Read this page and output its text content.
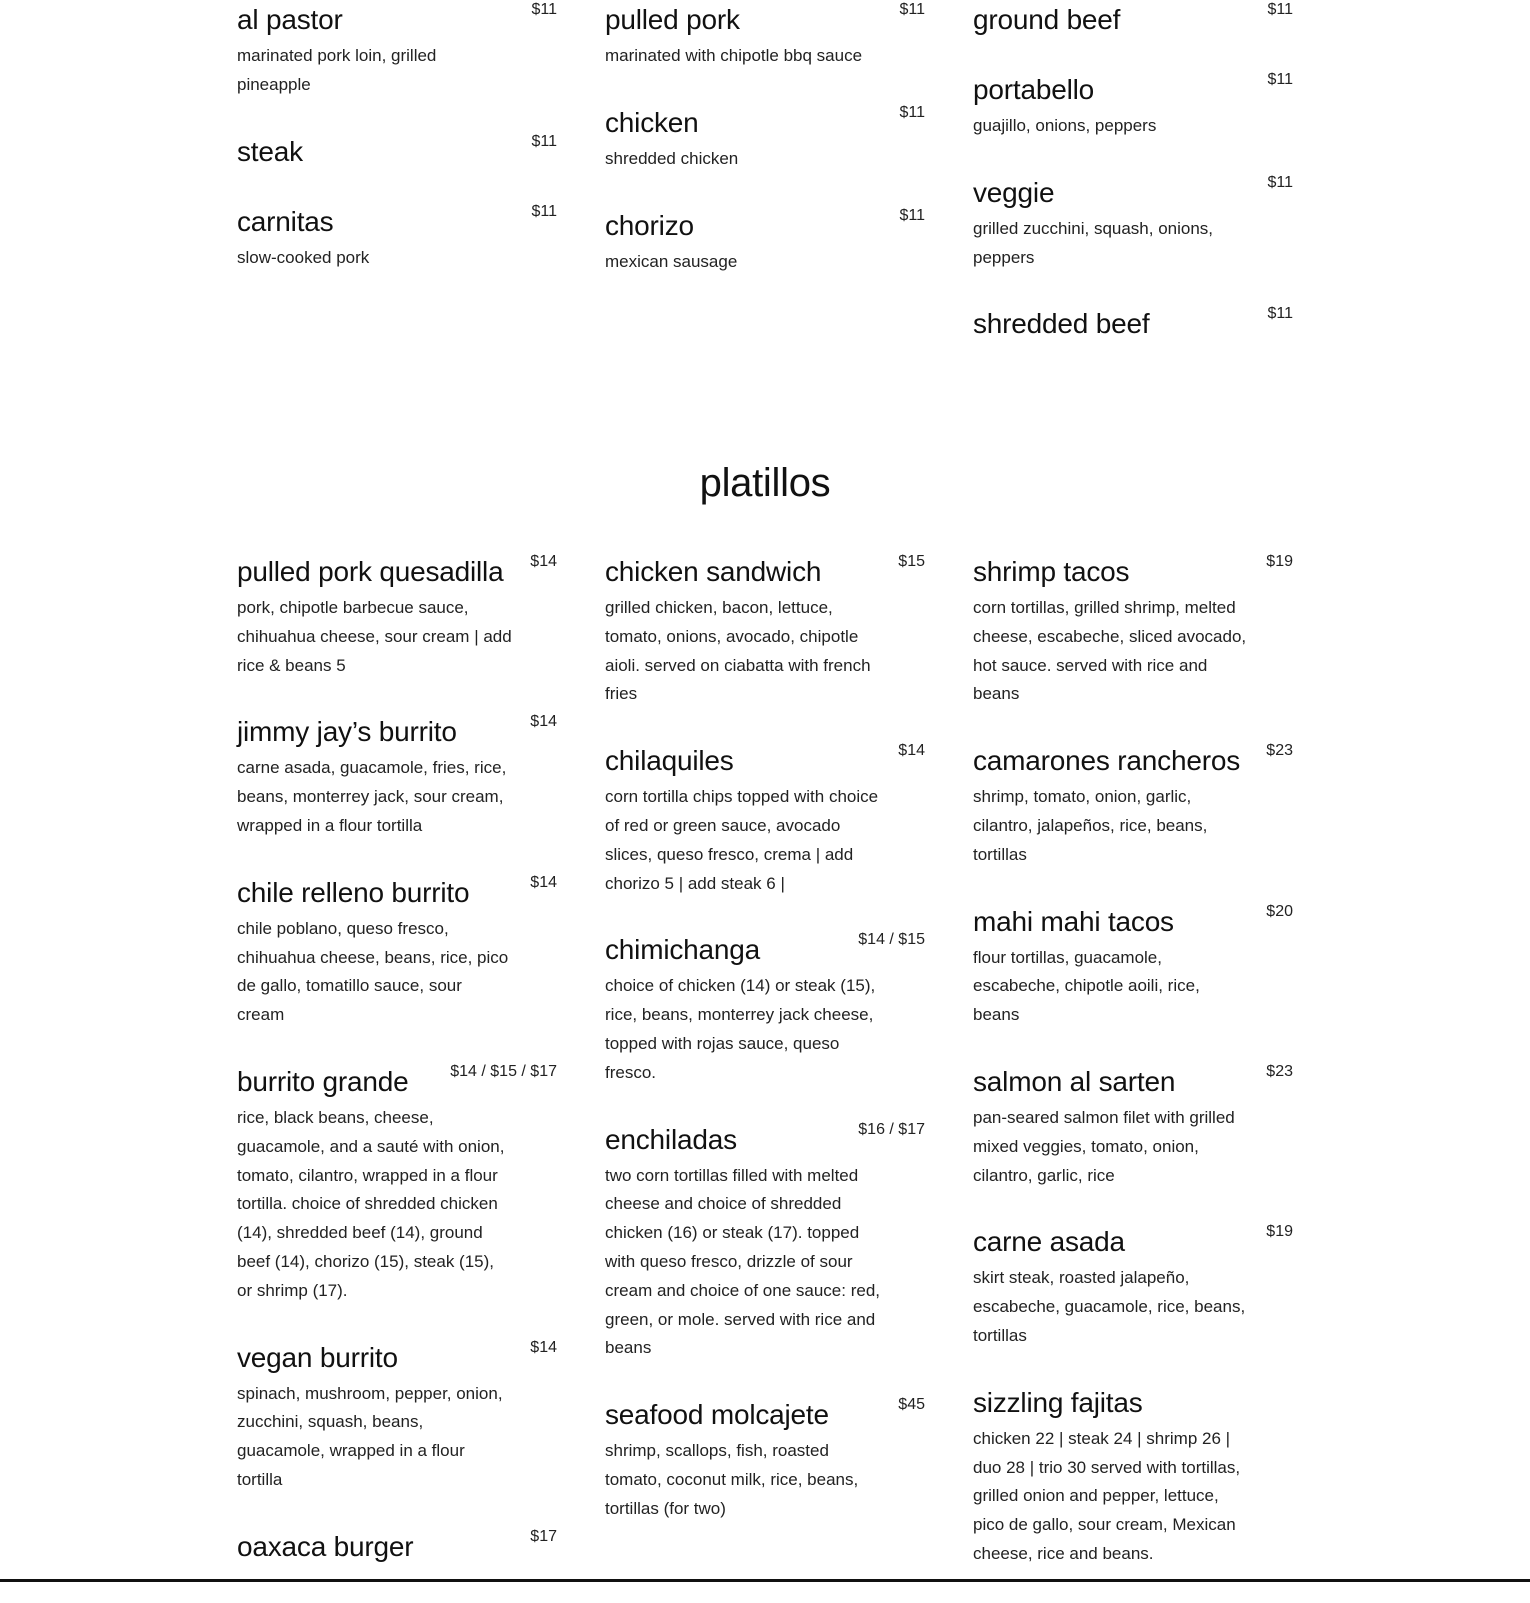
al pastor	$11
marinated pork loin, grilled pineapple
steak	$11
carnitas	$11
slow-cooked pork
pulled pork	$11
marinated with chipotle bbq sauce
chicken	$11
shredded chicken
chorizo	$11
mexican sausage
ground beef	$11
portabello	$11
guajillo, onions, peppers
veggie	$11
grilled zucchini, squash, onions, peppers
shredded beef	$11
platillos
pulled pork quesadilla	$14
pork, chipotle barbecue sauce, chihuahua cheese, sour cream | add rice & beans 5
jimmy jay’s burrito	$14
carne asada, guacamole, fries, rice, beans, monterrey jack, sour cream, wrapped in a flour tortilla
chile relleno burrito	$14
chile poblano, queso fresco, chihuahua cheese, beans, rice, pico de gallo, tomatillo sauce, sour cream
burrito grande	$14 / $15 / $17
rice, black beans, cheese, guacamole, and a sauté with onion, tomato, cilantro, wrapped in a flour tortilla. choice of shredded chicken (14), shredded beef (14), ground beef (14), chorizo (15), steak (15), or shrimp (17).
vegan burrito	$14
spinach, mushroom, pepper, onion, zucchini, squash, beans, guacamole, wrapped in a flour tortilla
oaxaca burger	$17
chicken sandwich	$15
grilled chicken, bacon, lettuce, tomato, onions, avocado, chipotle aioli. served on ciabatta with french fries
chilaquiles	$14
corn tortilla chips topped with choice of red or green sauce, avocado slices, queso fresco, crema | add chorizo 5 | add steak 6 |
chimichanga	$14 / $15
choice of chicken (14) or steak (15), rice, beans, monterrey jack cheese, topped with rojas sauce, queso fresco.
enchiladas	$16 / $17
two corn tortillas filled with melted cheese and choice of shredded chicken (16) or steak (17). topped with queso fresco, drizzle of sour cream and choice of one sauce: red, green, or mole. served with rice and beans
seafood molcajete	$45
shrimp, scallops, fish, roasted tomato, coconut milk, rice, beans, tortillas (for two)
shrimp tacos	$19
corn tortillas, grilled shrimp, melted cheese, escabeche, sliced avocado, hot sauce. served with rice and beans
camarones rancheros	$23
shrimp, tomato, onion, garlic, cilantro, jalapeños, rice, beans, tortillas
mahi mahi tacos	$20
flour tortillas, guacamole, escabeche, chipotle aoili, rice, beans
salmon al sarten	$23
pan-seared salmon filet with grilled mixed veggies, tomato, onion, cilantro, garlic, rice
carne asada	$19
skirt steak, roasted jalapeño, escabeche, guacamole, rice, beans, tortillas
sizzling fajitas
chicken 22 | steak 24 | shrimp 26 | duo 28 | trio 30 served with tortillas, grilled onion and pepper, lettuce, pico de gallo, sour cream, Mexican cheese, rice and beans.
